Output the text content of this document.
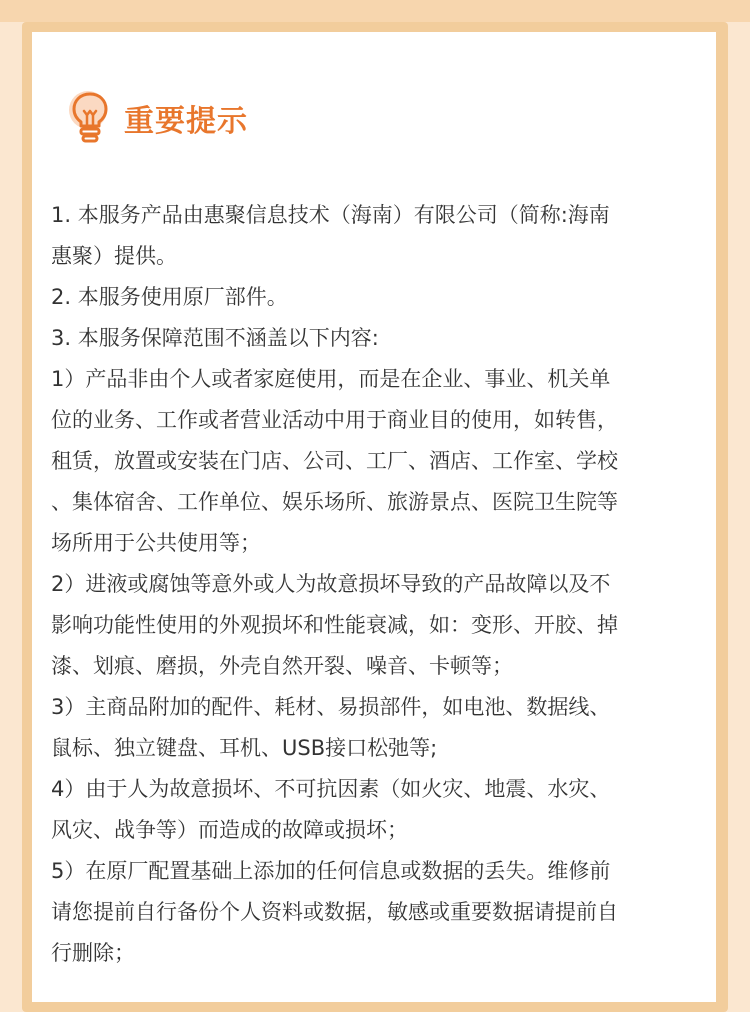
重要提示
1. 本服务产品由惠聚信息技术（海南）有限公司（简称:海南
惠聚）提供。
2. 本服务使用原厂部件。
3. 本服务保障范围不涵盖以下内容:
1）产品非由个人或者家庭使用，而是在企业、事业、机关单
位的业务、工作或者营业活动中用于商业目的使用，如转售，
租赁，放置或安装在门店、公司、工厂、酒店、工作室、学校
、集体宿舍、工作单位、娱乐场所、旅游景点、医院卫生院等
场所用于公共使用等；
2）进液或腐蚀等意外或人为故意损坏导致的产品故障以及不
影响功能性使用的外观损坏和性能衰减，如：变形、开胶、掉
漆、划痕、磨损，外壳自然开裂、噪音、卡顿等；
3）主商品附加的配件、耗材、易损部件，如电池、数据线、
鼠标、独立键盘、耳机、USB接口松弛等;
4）由于人为故意损坏、不可抗因素（如火灾、地震、水灾、
风灾、战争等）而造成的故障或损坏；
5）在原厂配置基础上添加的任何信息或数据的丢失。维修前
请您提前自行备份个人资料或数据，敏感或重要数据请提前自
行删除；
